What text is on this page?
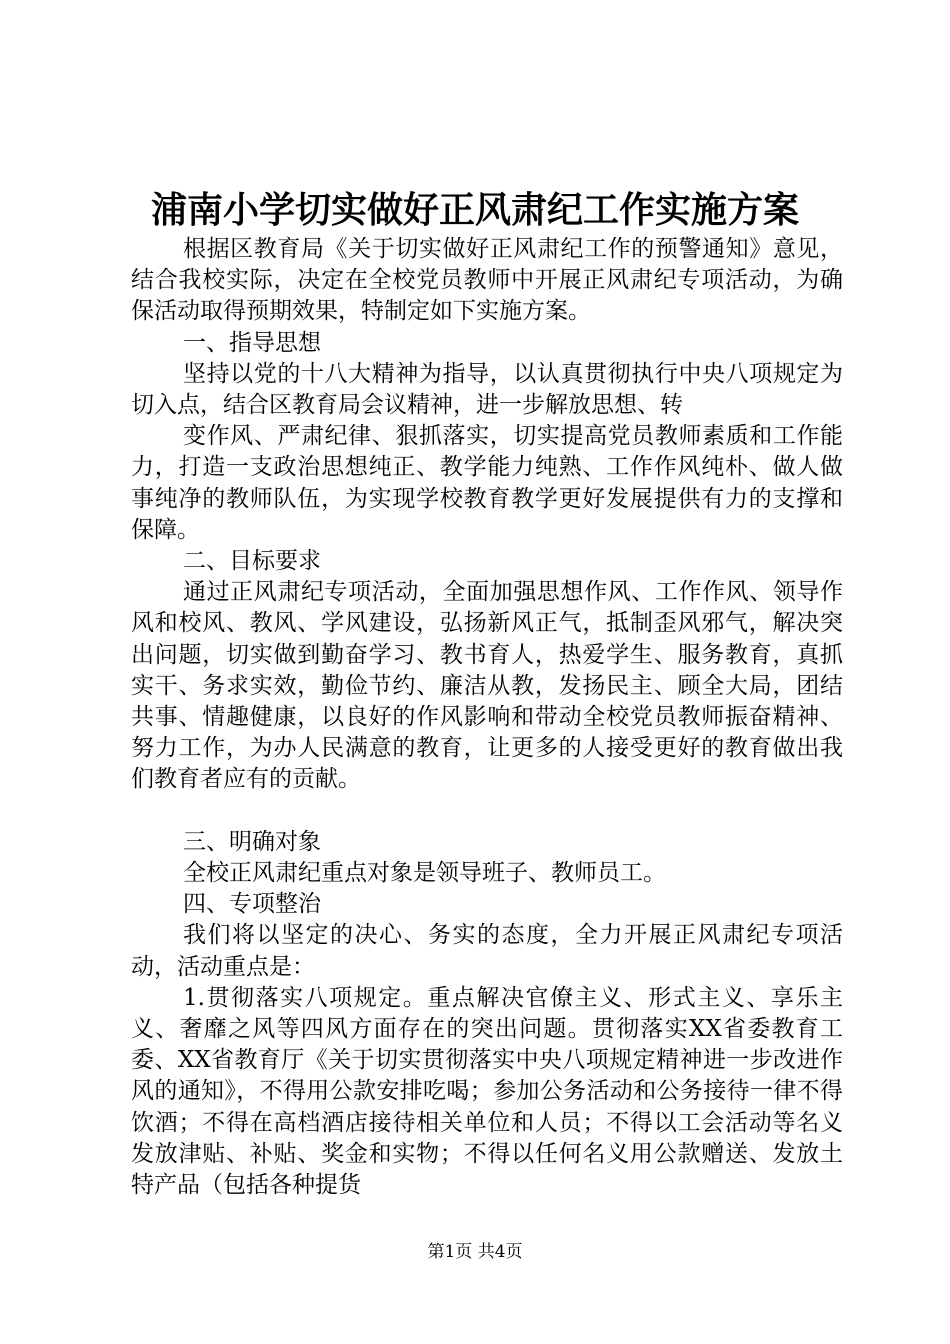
浦南小学切实做好正风肃纪工作实施方案

根据区教育局《关于切实做好正风肃纪工作的预警通知》意见，结合我校实际，决定在全校党员教师中开展正风肃纪专项活动，为确保活动取得预期效果，特制定如下实施方案。

一、指导思想

坚持以党的十八大精神为指导，以认真贯彻执行中央八项规定为切入点，结合区教育局会议精神，进一步解放思想、转

变作风、严肃纪律、狠抓落实，切实提高党员教师素质和工作能力，打造一支政治思想纯正、教学能力纯熟、工作作风纯朴、做人做事纯净的教师队伍，为实现学校教育教学更好发展提供有力的支撑和保障。

二、目标要求

通过正风肃纪专项活动，全面加强思想作风、工作作风、领导作风和校风、教风、学风建设，弘扬新风正气，抵制歪风邪气，解决突出问题，切实做到勤奋学习、教书育人，热爱学生、服务教育，真抓实干、务求实效，勤俭节约、廉洁从教，发扬民主、顾全大局，团结共事、情趣健康，以良好的作风影响和带动全校党员教师振奋精神、努力工作，为办人民满意的教育，让更多的人接受更好的教育做出我们教育者应有的贡献。

三、明确对象

全校正风肃纪重点对象是领导班子、教师员工。

四、专项整治

我们将以坚定的决心、务实的态度，全力开展正风肃纪专项活动，活动重点是：

1.贯彻落实八项规定。重点解决官僚主义、形式主义、享乐主义、奢靡之风等四风方面存在的突出问题。贯彻落实XX省委教育工委、XX省教育厅《关于切实贯彻落实中央八项规定精神进一步改进作风的通知》，不得用公款安排吃喝；参加公务活动和公务接待一律不得饮酒；不得在高档酒店接待相关单位和人员；不得以工会活动等名义发放津贴、补贴、奖金和实物；不得以任何名义用公款赠送、发放土特产品（包括各种提货

第1页 共4页
